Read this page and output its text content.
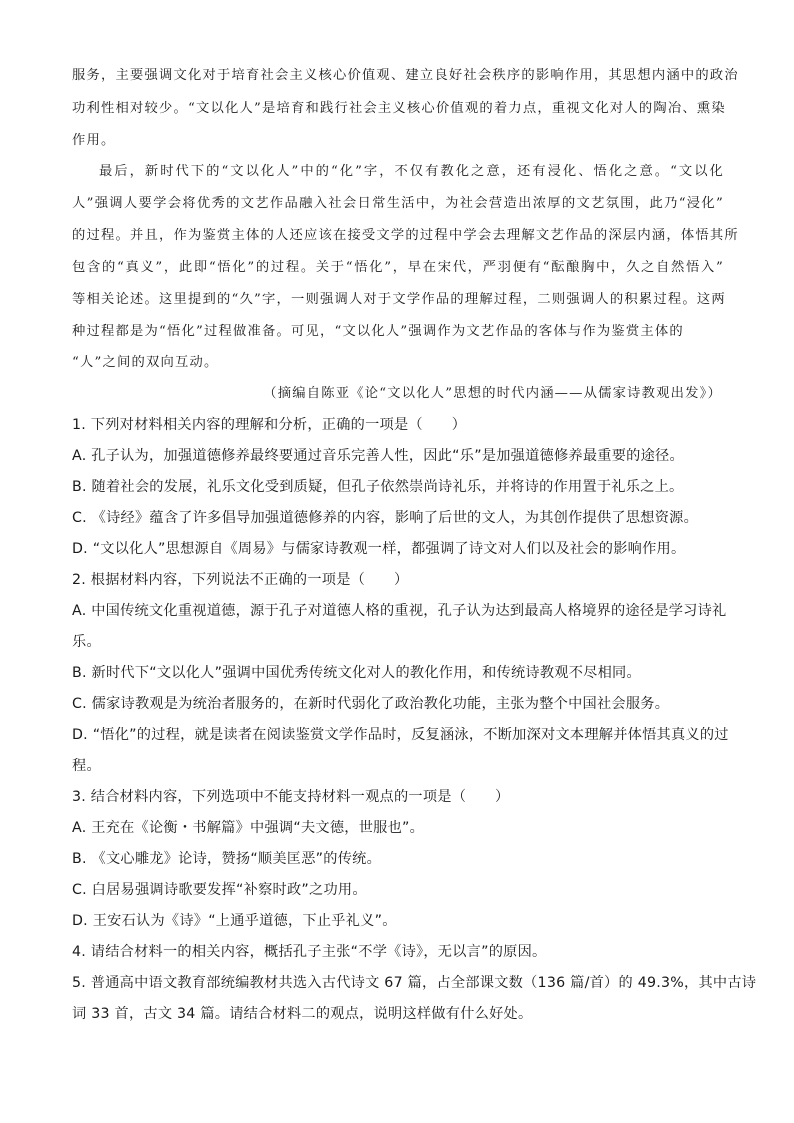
服务，主要强调文化对于培育社会主义核心价值观、建立良好社会秩序的影响作用，其思想内涵中的政治
功利性相对较少。“文以化人”是培育和践行社会主义核心价值观的着力点，重视文化对人的陶冶、熏染
作用。
最后，新时代下的“文以化人”中的“化”字，不仅有教化之意，还有浸化、悟化之意。“文以化
人”强调人要学会将优秀的文艺作品融入社会日常生活中，为社会营造出浓厚的文艺氛围，此乃“浸化”
的过程。并且，作为鉴赏主体的人还应该在接受文学的过程中学会去理解文艺作品的深层内涵，体悟其所
包含的“真义”，此即“悟化”的过程。关于“悟化”，早在宋代，严羽便有“酝酿胸中，久之自然悟入”
等相关论述。这里提到的“久”字，一则强调人对于文学作品的理解过程，二则强调人的积累过程。这两
种过程都是为“悟化”过程做准备。可见，“文以化人”强调作为文艺作品的客体与作为鉴赏主体的
“人”之间的双向互动。
（摘编自陈亚《论“文以化人”思想的时代内涵——从儒家诗教观出发》）
1. 下列对材料相关内容的理解和分析，正确的一项是（　　）
A. 孔子认为，加强道德修养最终要通过音乐完善人性，因此“乐”是加强道德修养最重要的途径。
B. 随着社会的发展，礼乐文化受到质疑，但孔子依然崇尚诗礼乐，并将诗的作用置于礼乐之上。
C. 《诗经》蕴含了许多倡导加强道德修养的内容，影响了后世的文人，为其创作提供了思想资源。
D. “文以化人”思想源自《周易》与儒家诗教观一样，都强调了诗文对人们以及社会的影响作用。
2. 根据材料内容，下列说法不正确的一项是（　　）
A. 中国传统文化重视道德，源于孔子对道德人格的重视，孔子认为达到最高人格境界的途径是学习诗礼
乐。
B. 新时代下“文以化人”强调中国优秀传统文化对人的教化作用，和传统诗教观不尽相同。
C. 儒家诗教观是为统治者服务的，在新时代弱化了政治教化功能，主张为整个中国社会服务。
D. “悟化”的过程，就是读者在阅读鉴赏文学作品时，反复涵泳，不断加深对文本理解并体悟其真义的过
程。
3. 结合材料内容，下列选项中不能支持材料一观点的一项是（　　）
A. 王充在《论衡・书解篇》中强调“夫文德，世服也”。
B. 《文心雕龙》论诗，赞扬“顺美匡恶”的传统。
C. 白居易强调诗歌要发挥“补察时政”之功用。
D. 王安石认为《诗》“上通乎道德，下止乎礼义”。
4. 请结合材料一的相关内容，概括孔子主张“不学《诗》，无以言”的原因。
5. 普通高中语文教育部统编教材共选入古代诗文 67 篇，占全部课文数（136 篇/首）的 49.3%，其中古诗
词 33 首，古文 34 篇。请结合材料二的观点，说明这样做有什么好处。
